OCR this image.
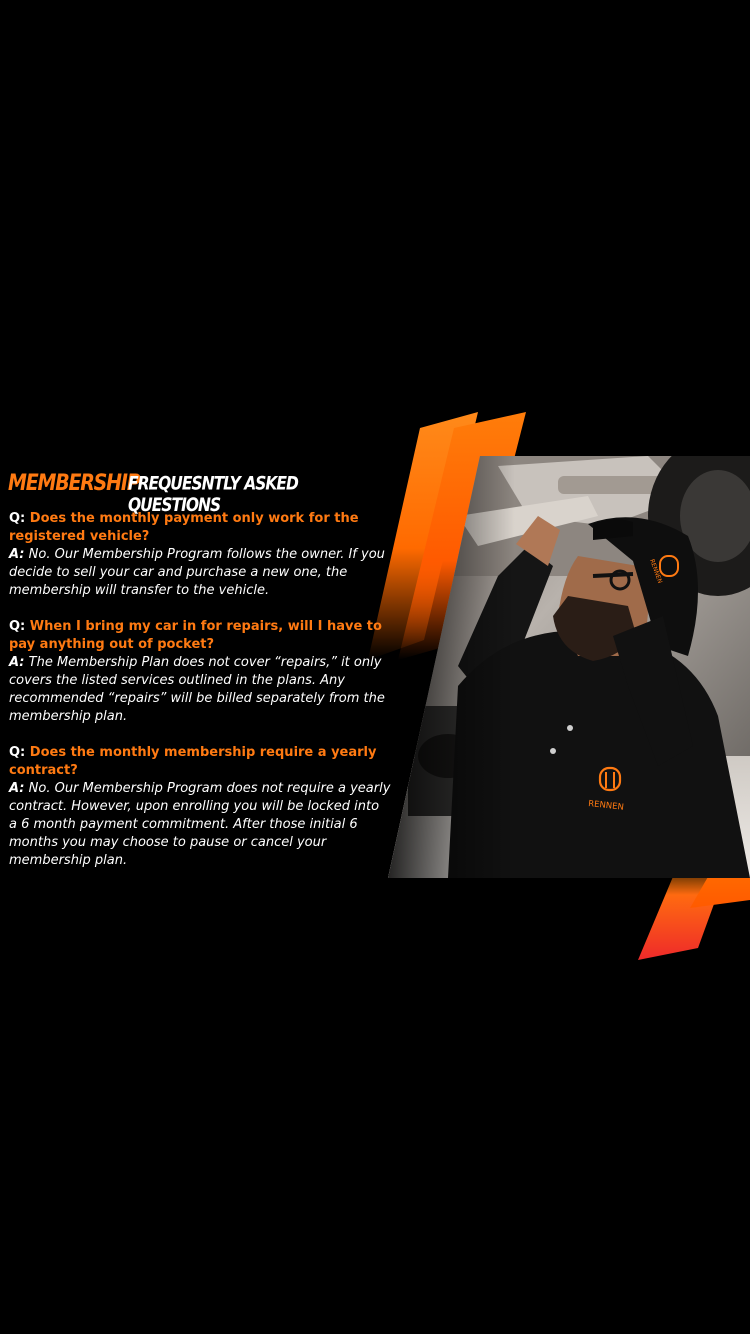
MEMBERSHIP
FREQUESNTLY ASKED QUESTIONS
Q: Does the monthly payment only work for the registered vehicle?
A: No. Our Membership Program follows the owner. If you decide to sell your car and purchase a new one, the membership will transfer to the vehicle.
Q: When I bring my car in for repairs, will I have to pay anything out of pocket?
A: The Membership Plan does not cover “repairs,” it only covers the listed services outlined in the plans. Any recommended “repairs” will be billed separately from the membership plan.
Q: Does the monthly membership require a yearly contract?
A: No. Our Membership Program does not require a yearly contract. However, upon enrolling you will be locked into a 6 month payment commitment. After those initial 6 months you may choose to pause or cancel your membership plan.
